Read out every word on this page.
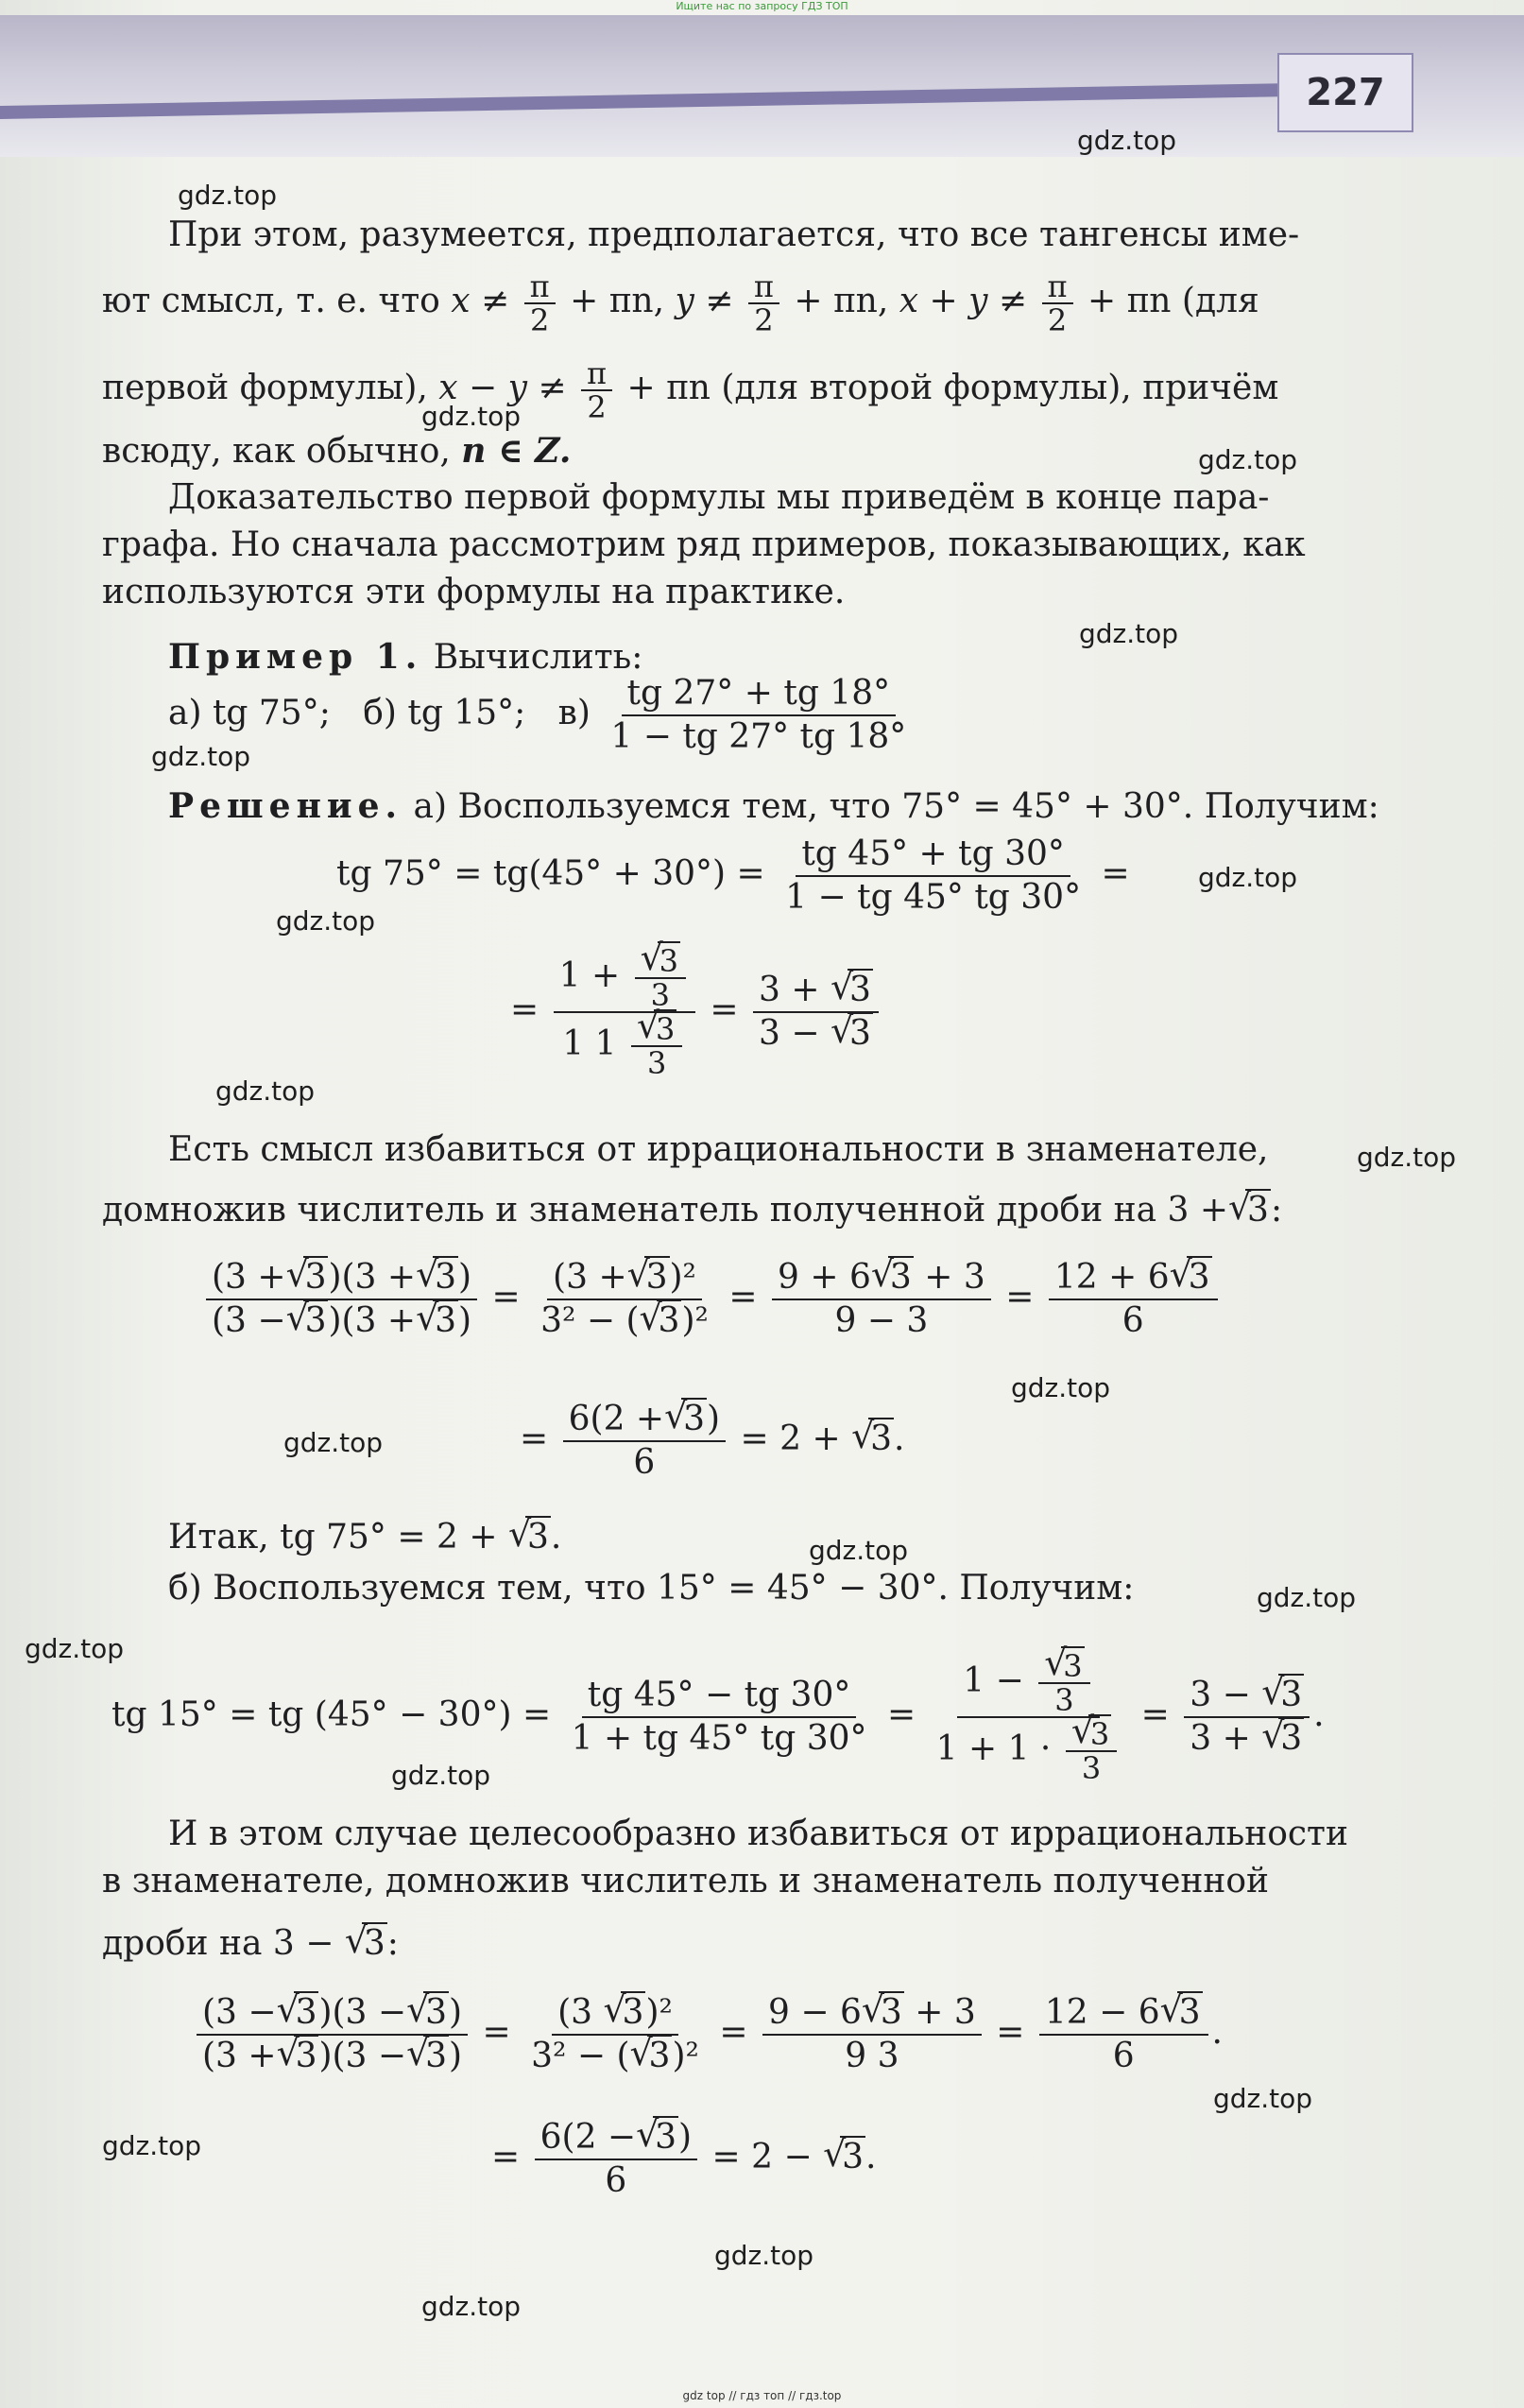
Ищите нас по запросу ГДЗ ТОП
227
При этом, разумеется, предполагается, что все тангенсы име-
ют смысл, т. е. что $x \ne \frac{\pi}{2} + \pi n$, $y \ne \frac{\pi}{2} + \pi n$, $x + y \ne \frac{\pi}{2} + \pi n$ (для
первой формулы), $x - y \ne \frac{\pi}{2} + \pi n$ (для второй формулы), причём
всюду, как обычно, n ∈ Z.
Доказательство первой формулы мы приведём в конце пара-
графа. Но сначала рассмотрим ряд примеров, показывающих, как
используются эти формулы на практике.
Пример 1. Вычислить:
а) tg 75°; б) tg 15°; $в) \frac{tg 27^\circ + tg 18^\circ}{1 - tg 27^\circ tg 18^\circ}$
Решение. а) Воспользуемся тем, что 75° = 45° + 30°. Получим:
tg $75^\circ = tg(45^\circ + 30^\circ) = \frac{tg 45^\circ + tg 30^\circ}{1 - tg 45^\circ tg 30^\circ}$ =
= 1 +
√ $\frac{3}{3}$
1 1
√ $\frac{3}{3} = \frac{3 + √ 3}{3 - √ 3}$
Есть смысл избавиться от иррациональности в знаменателе,
домножив числитель и знаменатель полученной дроби на 3 +√ 3:
$\frac{(3 +√ 3)(3 +√ 3)}{(3 -√ 3)(3 +√ 3)} = \frac{\text{(3 +√ 3)²}}{\text{3² − (√ 3)²}} = \frac{9 + 6√ 3 + 3}{9 - 3} = \frac{12 + 6√ 3}{6}$
= $\frac{6(2 +√ 3)}{6} = 2$ + √ 3.
Итак, tg 75° = 2 + √ 3.
б) Воспользуемся тем, что 15° = 45° − 30°. Получим:
tg 15° = tg $(45^\circ - 30^\circ) = \frac{tg 45^\circ - tg 30^\circ}{1 + tg 45^\circ tg 30^\circ} = 1$ −
√ $\frac{3}{3}$
1 + 1 ·
√ $\frac{3}{3} = \frac{3 - √ 3}{3 + √ 3}$ .
И в этом случае целесообразно избавиться от иррациональности
в знаменателе, домножив числитель и знаменатель полученной
дроби на 3 − √ 3:
$\frac{(3 -√ 3)(3 -√ 3)}{(3 +√ 3)(3 -√ 3)} = \frac{\text{(3 √ 3)²}}{\text{3² − (√ 3)²}} = \frac{9 - 6√ 3 + 3}{9 3} = \frac{12 - 6√ 3}{6}$ .
= $\frac{6(2 -√ 3)}{6} = 2$ − √ 3.
gdz.top
gdz.top
gdz.top
gdz.top
gdz.top
gdz.top
gdz.top
gdz.top
gdz.top
gdz.top
gdz.top
gdz.top
gdz.top
gdz.top
gdz.top
gdz.top
gdz.top
gdz.top
gdz.top
gdz.top
gdz top // гдз топ // гдз.top
